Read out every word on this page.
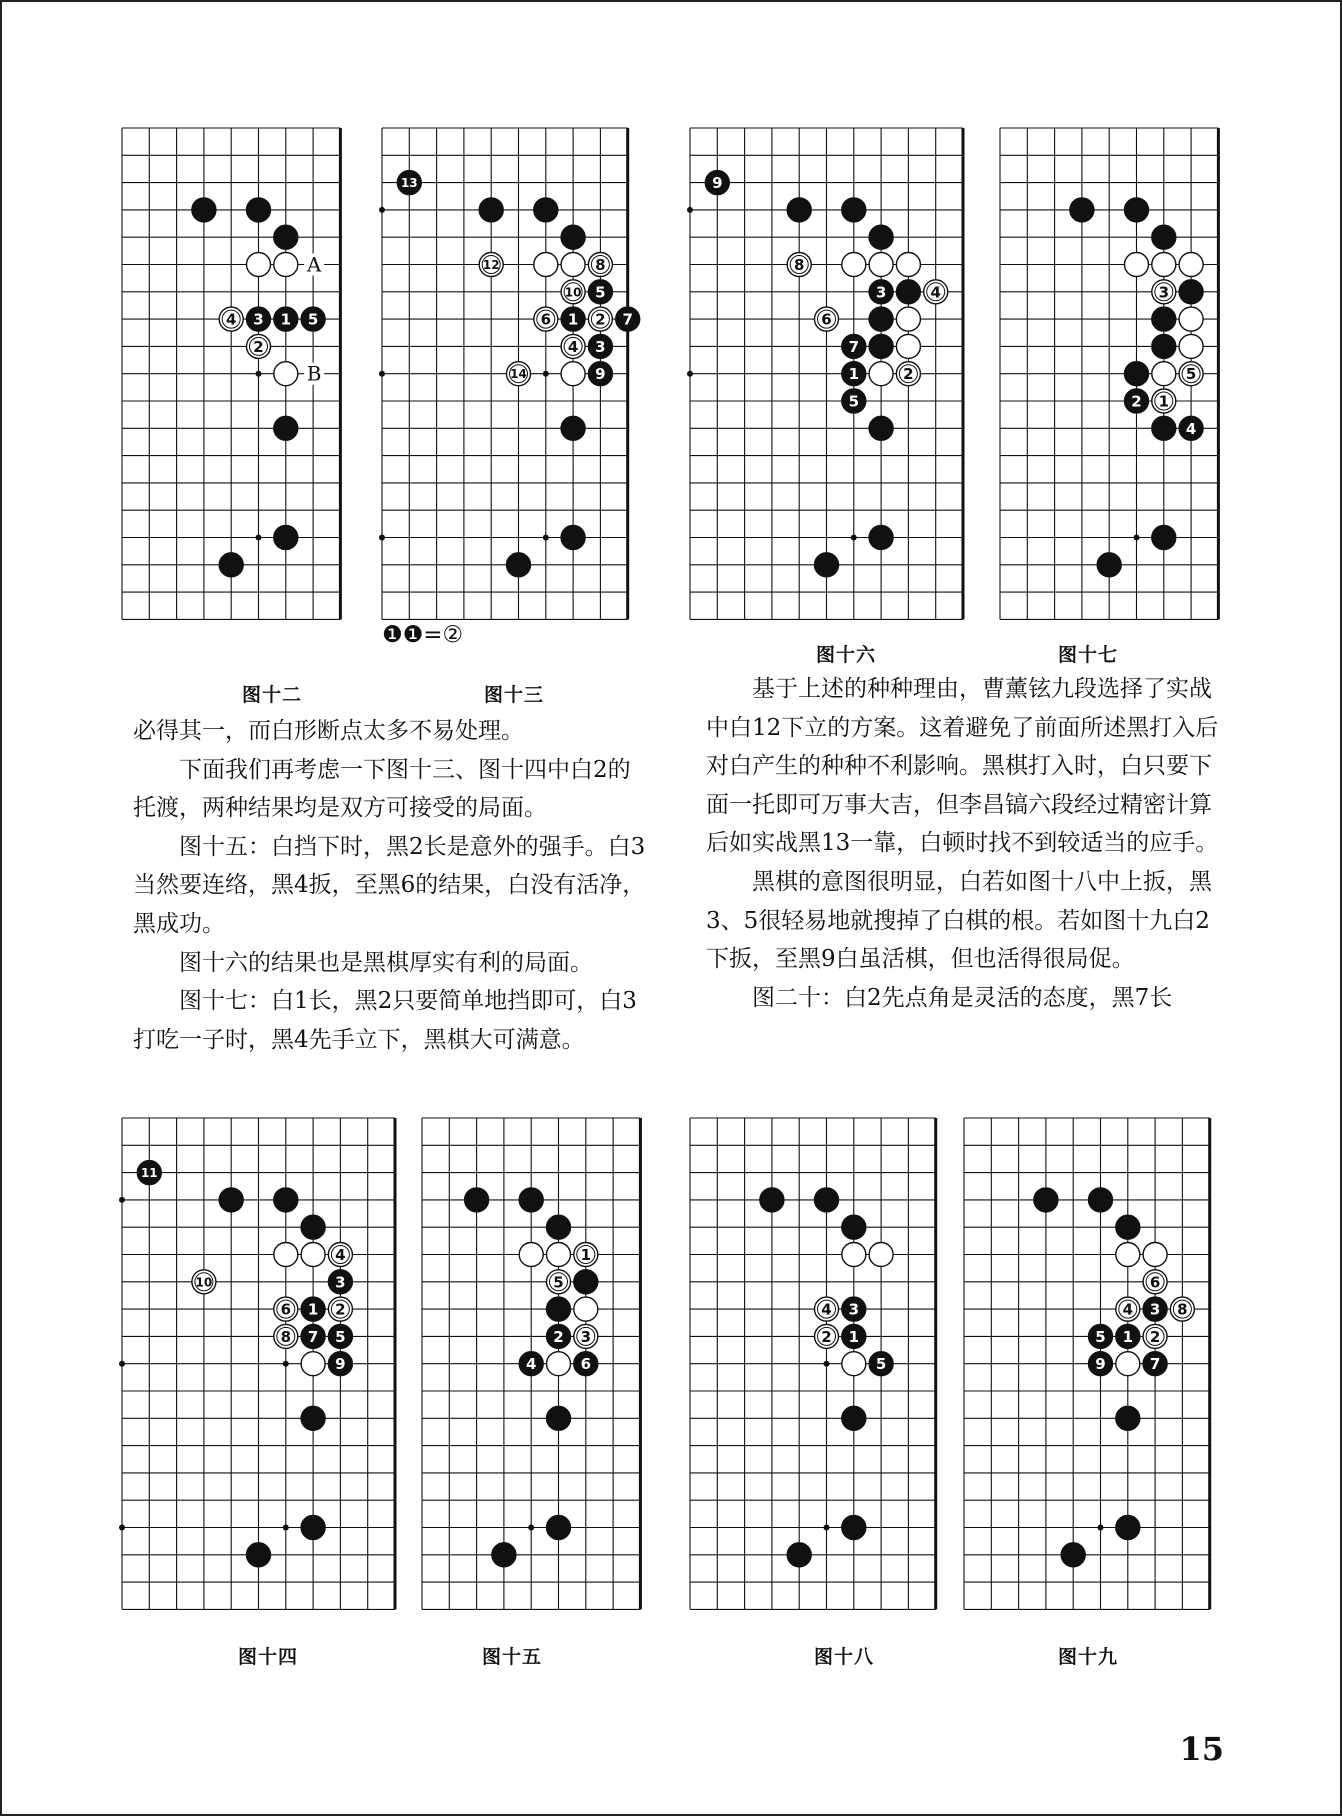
4 3 1 5
2
A
B
13
12	8
10 5
6 1 2 7
4 3
14	9
9
8
3	4
6
7
1	2
5
3
5
2 1
4
11
4
10	3
6 1 2
8 7 5
9
1
5
2 3
4	6
4 3
2 1
5
6
4 3 8
5 1 2
9	7
❶❶=②
图十二	图十三
图十六	图十七
图十四	图十五	图十八	图十九

必得其一，而白形断点太多不易处理。

下面我们再考虑一下图十三、图十四中白2的托渡，两种结果均是双方可接受的局面。

图十五：白挡下时，黑2长是意外的强手。白3当然要连络，黑4扳，至黑6的结果，白没有活净，黑成功。

图十六的结果也是黑棋厚实有利的局面。

图十七：白1长，黑2只要简单地挡即可，白3打吃一子时，黑4先手立下，黑棋大可满意。

基于上述的种种理由，曹薰铉九段选择了实战中白12下立的方案。这着避免了前面所述黑打入后对白产生的种种不利影响。黑棋打入时，白只要下面一托即可万事大吉，但李昌镐六段经过精密计算后如实战黑13一靠，白顿时找不到较适当的应手。

黑棋的意图很明显，白若如图十八中上扳，黑3、5很轻易地就搜掉了白棋的根。若如图十九白2下扳，至黑9白虽活棋，但也活得很局促。

图二十：白2先点角是灵活的态度，黑7长

15
